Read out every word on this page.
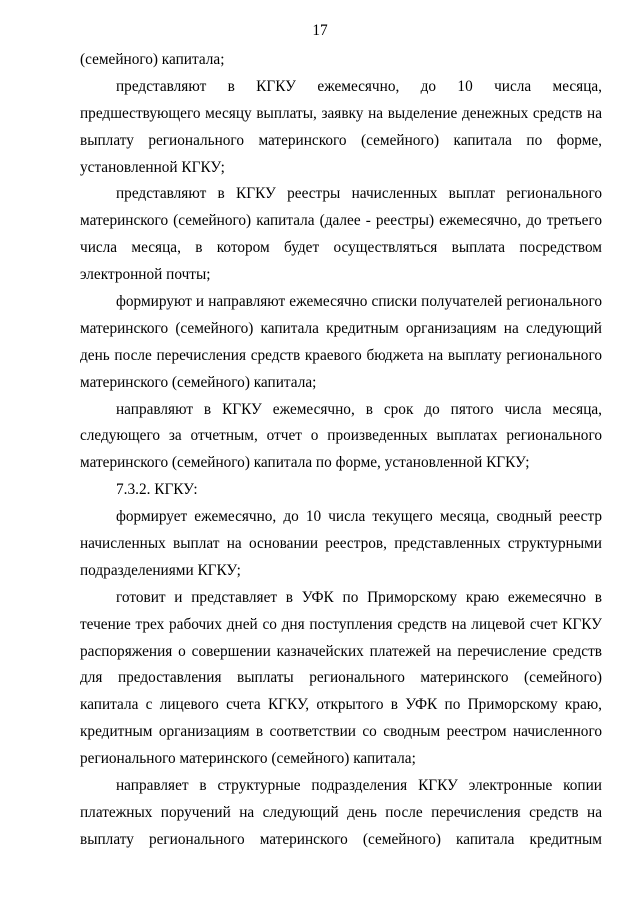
17
(семейного) капитала;
представляют в КГКУ ежемесячно, до 10 числа месяца,
предшествующего месяцу выплаты, заявку на выделение денежных средств на
выплату регионального материнского (семейного) капитала по форме,
установленной КГКУ;
представляют в КГКУ реестры начисленных выплат регионального
материнского (семейного) капитала (далее - реестры) ежемесячно, до третьего
числа месяца, в котором будет осуществляться выплата посредством
электронной почты;
формируют и направляют ежемесячно списки получателей регионального
материнского (семейного) капитала кредитным организациям на следующий
день после перечисления средств краевого бюджета на выплату регионального
материнского (семейного) капитала;
направляют в КГКУ ежемесячно, в срок до пятого числа месяца,
следующего за отчетным, отчет о произведенных выплатах регионального
материнского (семейного) капитала по форме, установленной КГКУ;
7.3.2. КГКУ:
формирует ежемесячно, до 10 числа текущего месяца, сводный реестр
начисленных выплат на основании реестров, представленных структурными
подразделениями КГКУ;
готовит и представляет в УФК по Приморскому краю ежемесячно в
течение трех рабочих дней со дня поступления средств на лицевой счет КГКУ
распоряжения о совершении казначейских платежей на перечисление средств
для предоставления выплаты регионального материнского (семейного)
капитала с лицевого счета КГКУ, открытого в УФК по Приморскому краю,
кредитным организациям в соответствии со сводным реестром начисленного
регионального материнского (семейного) капитала;
направляет в структурные подразделения КГКУ электронные копии
платежных поручений на следующий день после перечисления средств на
выплату регионального материнского (семейного) капитала кредитным
